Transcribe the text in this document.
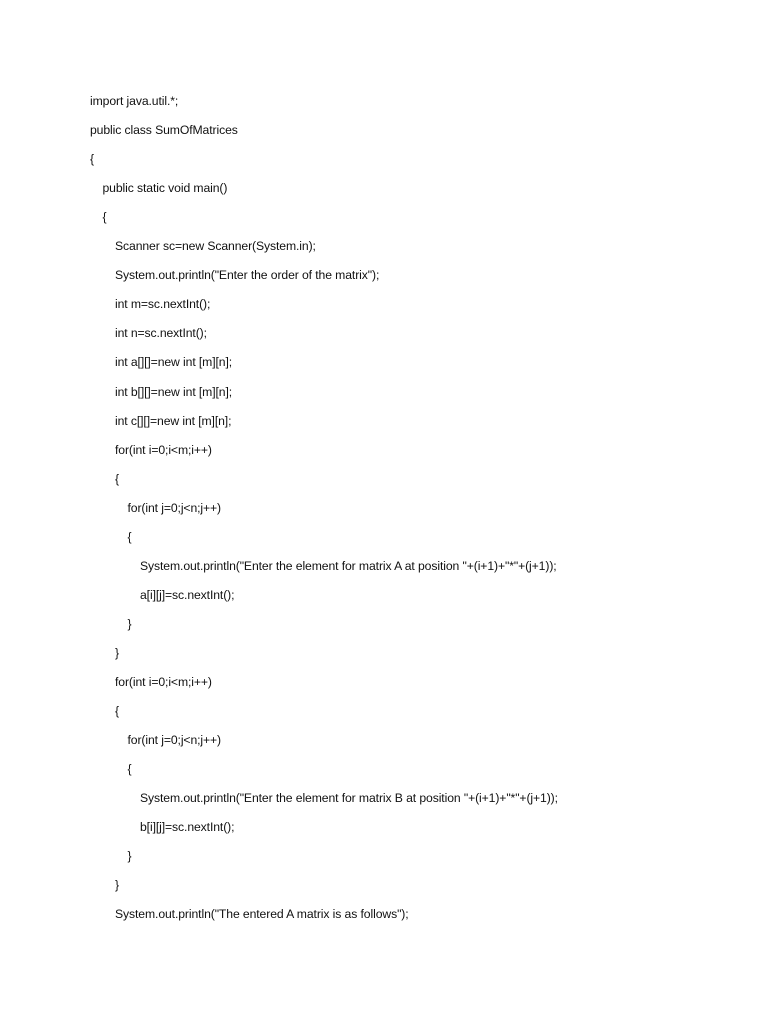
import java.util.*;
public class SumOfMatrices
{
public static void main()
{
Scanner sc=new Scanner(System.in);
System.out.println("Enter the order of the matrix");
int m=sc.nextInt();
int n=sc.nextInt();
int a[][]=new int [m][n];
int b[][]=new int [m][n];
int c[][]=new int [m][n];
for(int i=0;i<m;i++)
{
for(int j=0;j<n;j++)
{
System.out.println("Enter the element for matrix A at position "+(i+1)+"*"+(j+1));
a[i][j]=sc.nextInt();
}
}
for(int i=0;i<m;i++)
{
for(int j=0;j<n;j++)
{
System.out.println("Enter the element for matrix B at position "+(i+1)+"*"+(j+1));
b[i][j]=sc.nextInt();
}
}
System.out.println("The entered A matrix is as follows");
